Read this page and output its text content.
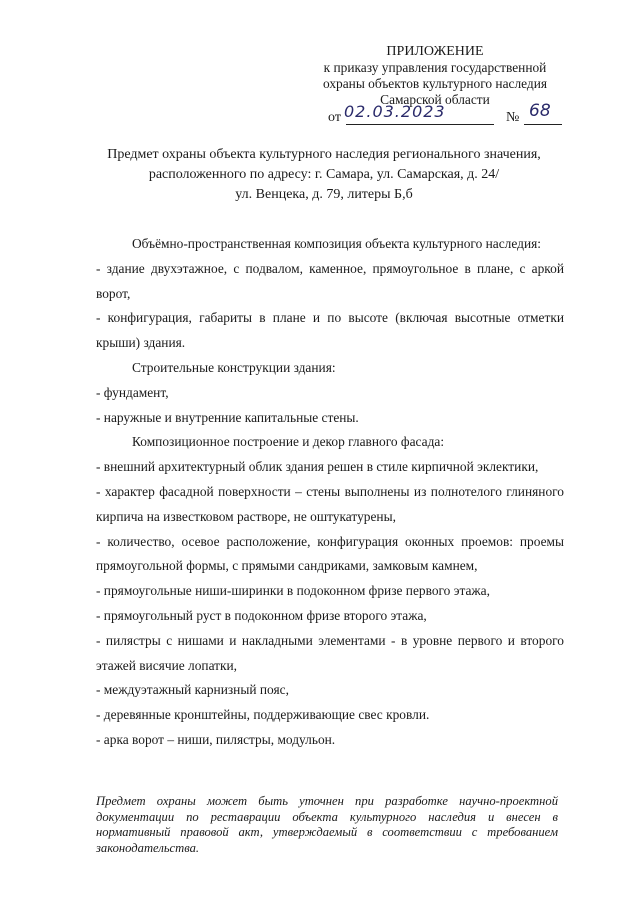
ПРИЛОЖЕНИЕ
к приказу управления государственной
охраны объектов культурного наследия
Самарской области
от 02.03.2023	№ 68
Предмет охраны объекта культурного наследия регионального значения,
расположенного по адресу: г. Самара, ул. Самарская, д. 24/
ул. Венцека, д. 79, литеры Б,б

Объёмно-пространственная композиция объекта культурного наследия:

- здание двухэтажное, с подвалом, каменное, прямоугольное в плане, с аркой ворот,

- конфигурация, габариты в плане и по высоте (включая высотные отметки крыши) здания.

Строительные конструкции здания:

- фундамент,

- наружные и внутренние капитальные стены.

Композиционное построение и декор главного фасада:

- внешний архитектурный облик здания решен в стиле кирпичной эклектики,

- характер фасадной поверхности – стены выполнены из полнотелого глиняного кирпича на известковом растворе, не оштукатурены,

- количество, осевое расположение, конфигурация оконных проемов: проемы прямоугольной формы, с прямыми сандриками, замковым камнем,

- прямоугольные ниши-ширинки в подоконном фризе первого этажа,

- прямоугольный руст в подоконном фризе второго этажа,

- пилястры с нишами и накладными элементами - в уровне первого и второго этажей висячие лопатки,

- междуэтажный карнизный пояс,

- деревянные кронштейны, поддерживающие свес кровли.

- арка ворот – ниши, пилястры, модульон.

Предмет охраны может быть уточнен при разработке научно-проектной документации по реставрации объекта культурного наследия и внесен в нормативный правовой акт, утверждаемый в соответствии с требованием законодательства.
